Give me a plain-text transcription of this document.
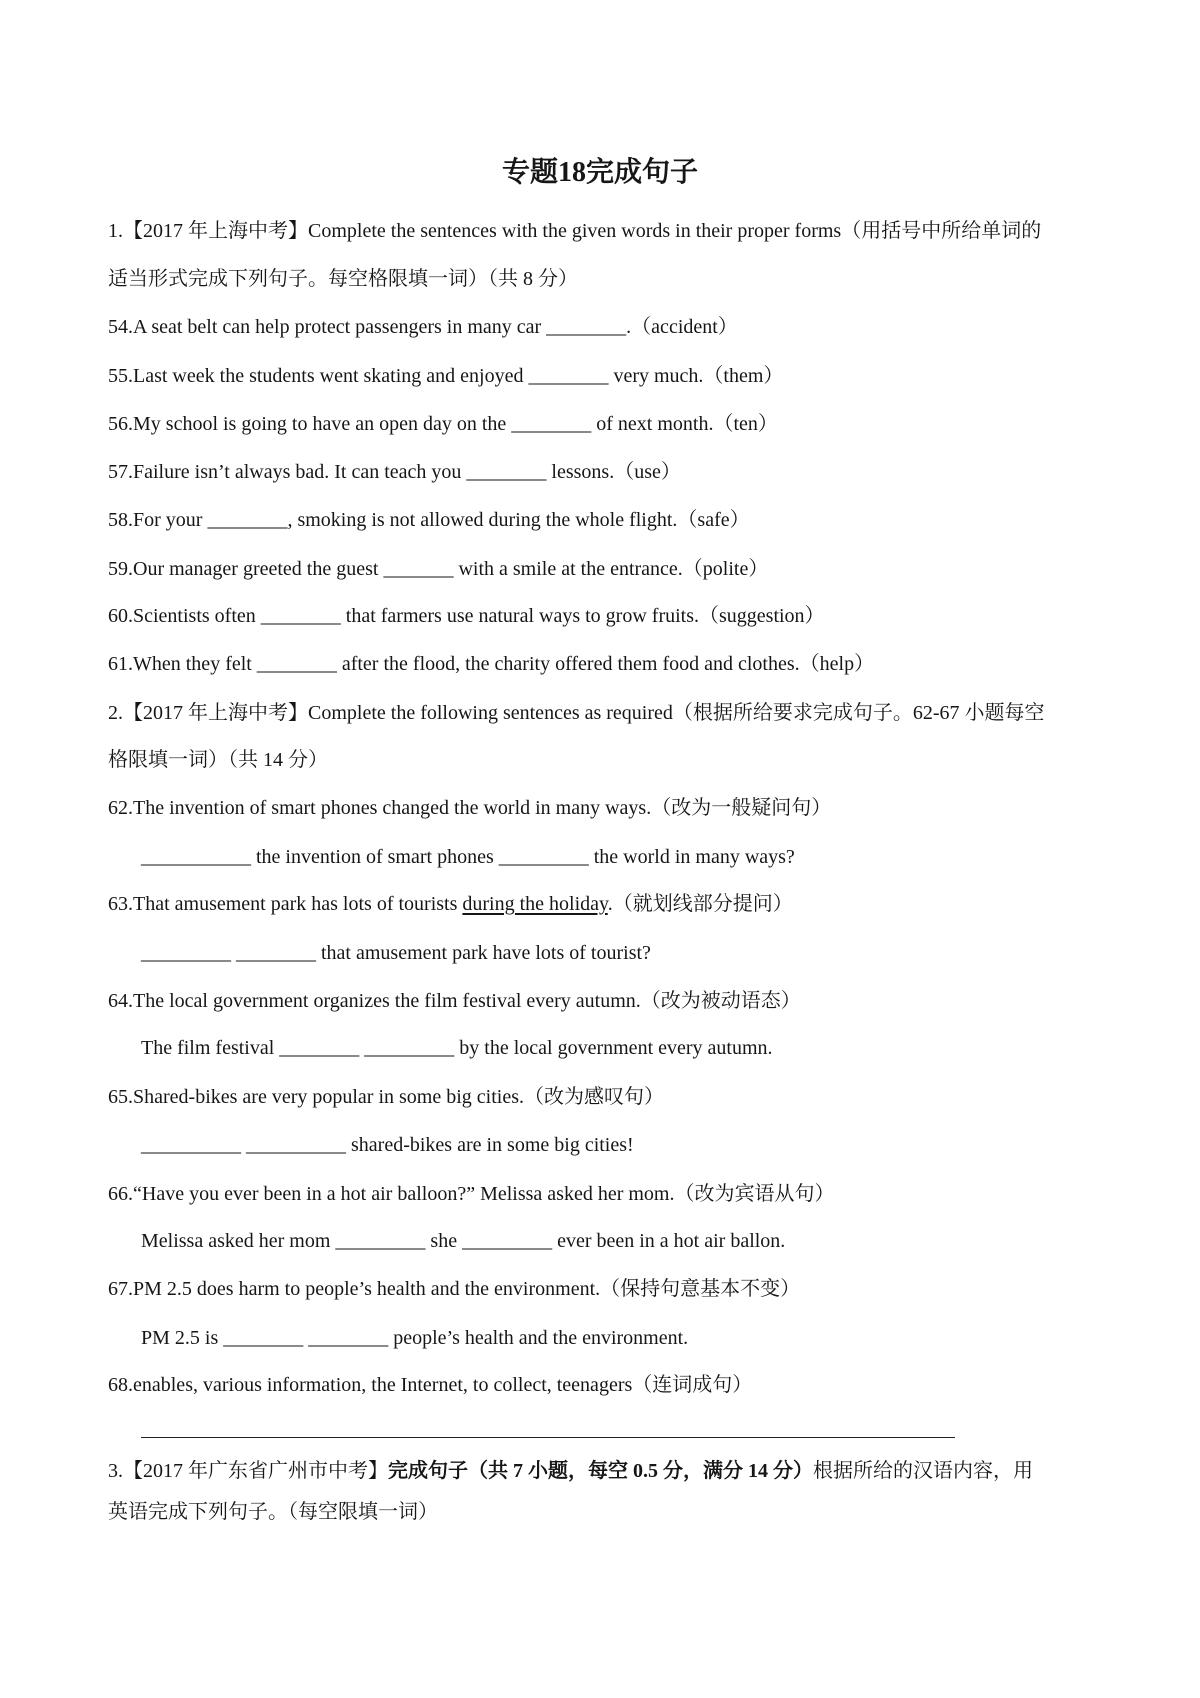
专题18完成句子
1.【2017 年上海中考】Complete the sentences with the given words in their proper forms（用括号中所给单词的
适当形式完成下列句子。每空格限填一词）（共 8 分）
54.A seat belt can help protect passengers in many car ________.（accident）
55.Last week the students went skating and enjoyed ________ very much.（them）
56.My school is going to have an open day on the ________ of next month.（ten）
57.Failure isn’t always bad. It can teach you ________ lessons.（use）
58.For your ________, smoking is not allowed during the whole flight.（safe）
59.Our manager greeted the guest _______ with a smile at the entrance.（polite）
60.Scientists often ________ that farmers use natural ways to grow fruits.（suggestion）
61.When they felt ________ after the flood, the charity offered them food and clothes.（help）
2.【2017 年上海中考】Complete the following sentences as required（根据所给要求完成句子。62-67 小题每空
格限填一词）（共 14 分）
62.The invention of smart phones changed the world in many ways.（改为一般疑问句）
___________ the invention of smart phones _________ the world in many ways?
63.That amusement park has lots of tourists during the holiday.（就划线部分提问）
_________ ________ that amusement park have lots of tourist?
64.The local government organizes the film festival every autumn.（改为被动语态）
The film festival ________ _________ by the local government every autumn.
65.Shared-bikes are very popular in some big cities.（改为感叹句）
__________ __________ shared-bikes are in some big cities!
66.“Have you ever been in a hot air balloon?” Melissa asked her mom.（改为宾语从句）
Melissa asked her mom _________ she _________ ever been in a hot air ballon.
67.PM 2.5 does harm to people’s health and the environment.（保持句意基本不变）
PM 2.5 is ________ ________ people’s health and the environment.
68.enables, various information, the Internet, to collect, teenagers（连词成句）
3.【2017 年广东省广州市中考】完成句子（共 7 小题，每空 0.5 分，满分 14 分）根据所给的汉语内容，用
英语完成下列句子。（每空限填一词）
